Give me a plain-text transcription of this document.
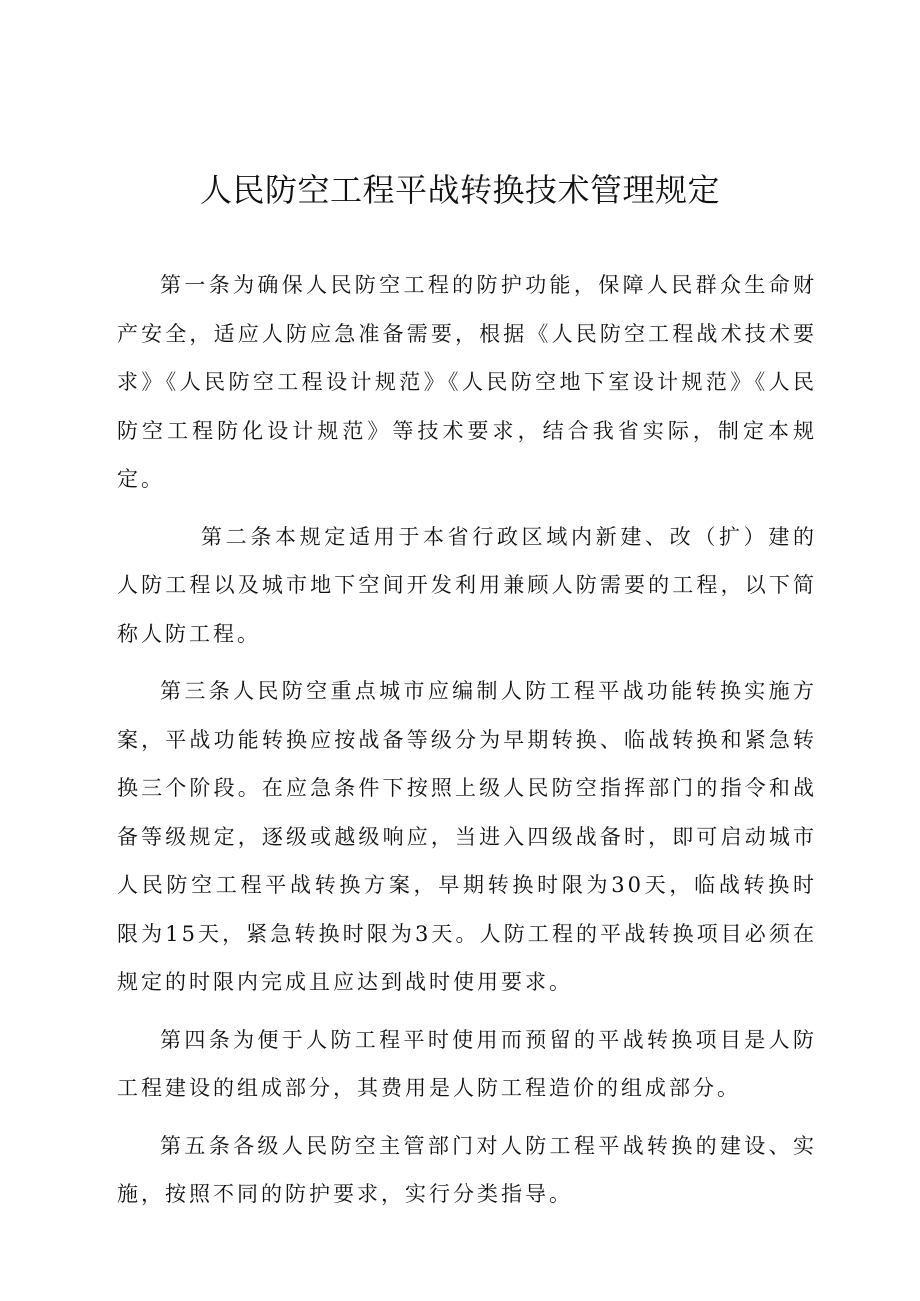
人民防空工程平战转换技术管理规定

第一条为确保人民防空工程的防护功能，保障人民群众生命财产安全，适应人防应急准备需要，根据《人民防空工程战术技术要求》《人民防空工程设计规范》《人民防空地下室设计规范》《人民防空工程防化设计规范》等技术要求，结合我省实际，制定本规定。

第二条本规定适用于本省行政区域内新建、改（扩）建的人防工程以及城市地下空间开发利用兼顾人防需要的工程，以下简称人防工程。

第三条人民防空重点城市应编制人防工程平战功能转换实施方案，平战功能转换应按战备等级分为早期转换、临战转换和紧急转换三个阶段。在应急条件下按照上级人民防空指挥部门的指令和战备等级规定，逐级或越级响应，当进入四级战备时，即可启动城市人民防空工程平战转换方案，早期转换时限为30天，临战转换时限为15天，紧急转换时限为3天。人防工程的平战转换项目必须在规定的时限内完成且应达到战时使用要求。

第四条为便于人防工程平时使用而预留的平战转换项目是人防工程建设的组成部分，其费用是人防工程造价的组成部分。

第五条各级人民防空主管部门对人防工程平战转换的建设、实施，按照不同的防护要求，实行分类指导。
